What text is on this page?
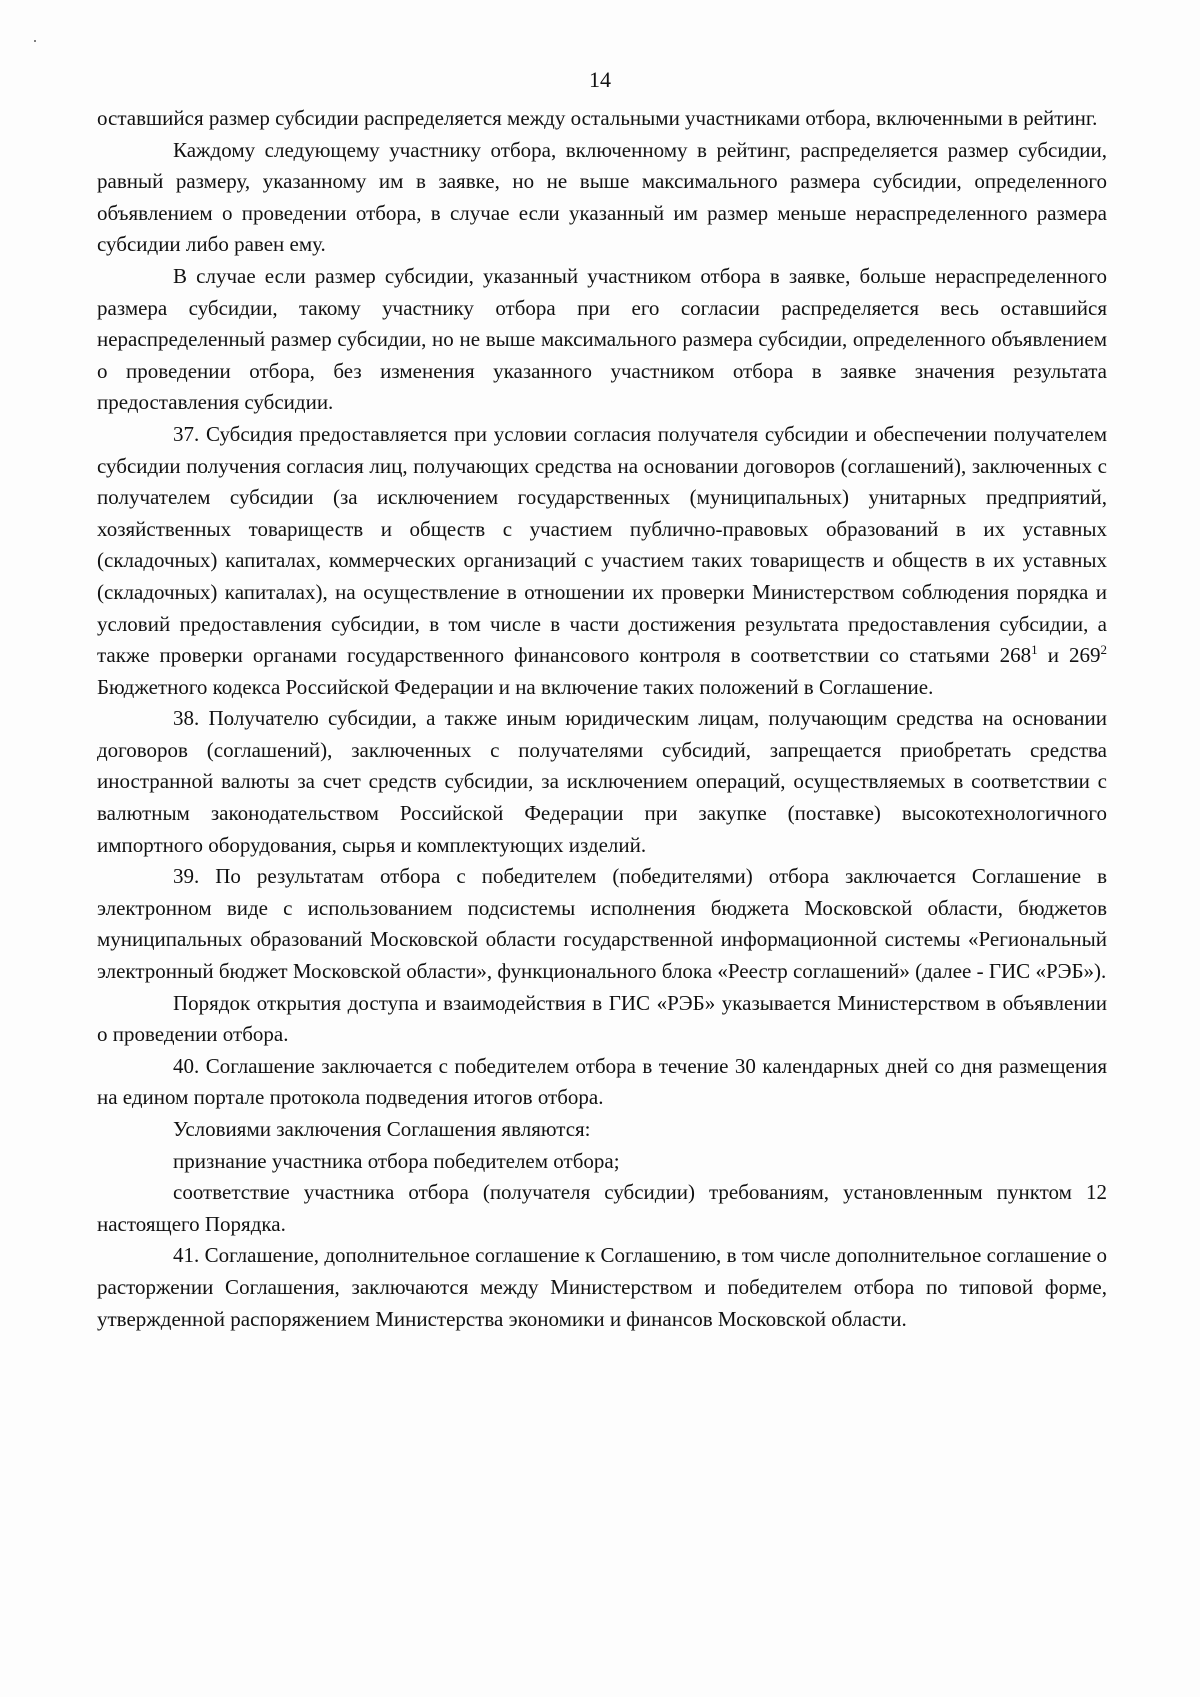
14

оставшийся размер субсидии распределяется между остальными участниками отбора, включенными в рейтинг.

Каждому следующему участнику отбора, включенному в рейтинг, распределяется размер субсидии, равный размеру, указанному им в заявке, но не выше максимального размера субсидии, определенного объявлением о проведении отбора, в случае если указанный им размер меньше нераспределенного размера субсидии либо равен ему.

В случае если размер субсидии, указанный участником отбора в заявке, больше нераспределенного размера субсидии, такому участнику отбора при его согласии распределяется весь оставшийся нераспределенный размер субсидии, но не выше максимального размера субсидии, определенного объявлением о проведении отбора, без изменения указанного участником отбора в заявке значения результата предоставления субсидии.

37. Субсидия предоставляется при условии согласия получателя субсидии и обеспечении получателем субсидии получения согласия лиц, получающих средства на основании договоров (соглашений), заключенных с получателем субсидии (за исключением государственных (муниципальных) унитарных предприятий, хозяйственных товариществ и обществ с участием публично-правовых образований в их уставных (складочных) капиталах, коммерческих организаций с участием таких товариществ и обществ в их уставных (складочных) капиталах), на осуществление в отношении их проверки Министерством соблюдения порядка и условий предоставления субсидии, в том числе в части достижения результата предоставления субсидии, а также проверки органами государственного финансового контроля в соответствии со статьями $268^1$ и $269^2$ Бюджетного кодекса Российской Федерации и на включение таких положений в Соглашение.

38. Получателю субсидии, а также иным юридическим лицам, получающим средства на основании договоров (соглашений), заключенных с получателями субсидий, запрещается приобретать средства иностранной валюты за счет средств субсидии, за исключением операций, осуществляемых в соответствии с валютным законодательством Российской Федерации при закупке (поставке) высокотехнологичного импортного оборудования, сырья и комплектующих изделий.

39. По результатам отбора с победителем (победителями) отбора заключается Соглашение в электронном виде с использованием подсистемы исполнения бюджета Московской области, бюджетов муниципальных образований Московской области государственной информационной системы «Региональный электронный бюджет Московской области», функционального блока «Реестр соглашений» (далее - ГИС «РЭБ»).

Порядок открытия доступа и взаимодействия в ГИС «РЭБ» указывается Министерством в объявлении о проведении отбора.

40. Соглашение заключается с победителем отбора в течение 30 календарных дней со дня размещения на едином портале протокола подведения итогов отбора.

Условиями заключения Соглашения являются:

признание участника отбора победителем отбора;

соответствие участника отбора (получателя субсидии) требованиям, установленным пунктом 12 настоящего Порядка.

41. Соглашение, дополнительное соглашение к Соглашению, в том числе дополнительное соглашение о расторжении Соглашения, заключаются между Министерством и победителем отбора по типовой форме, утвержденной распоряжением Министерства экономики и финансов Московской области.
